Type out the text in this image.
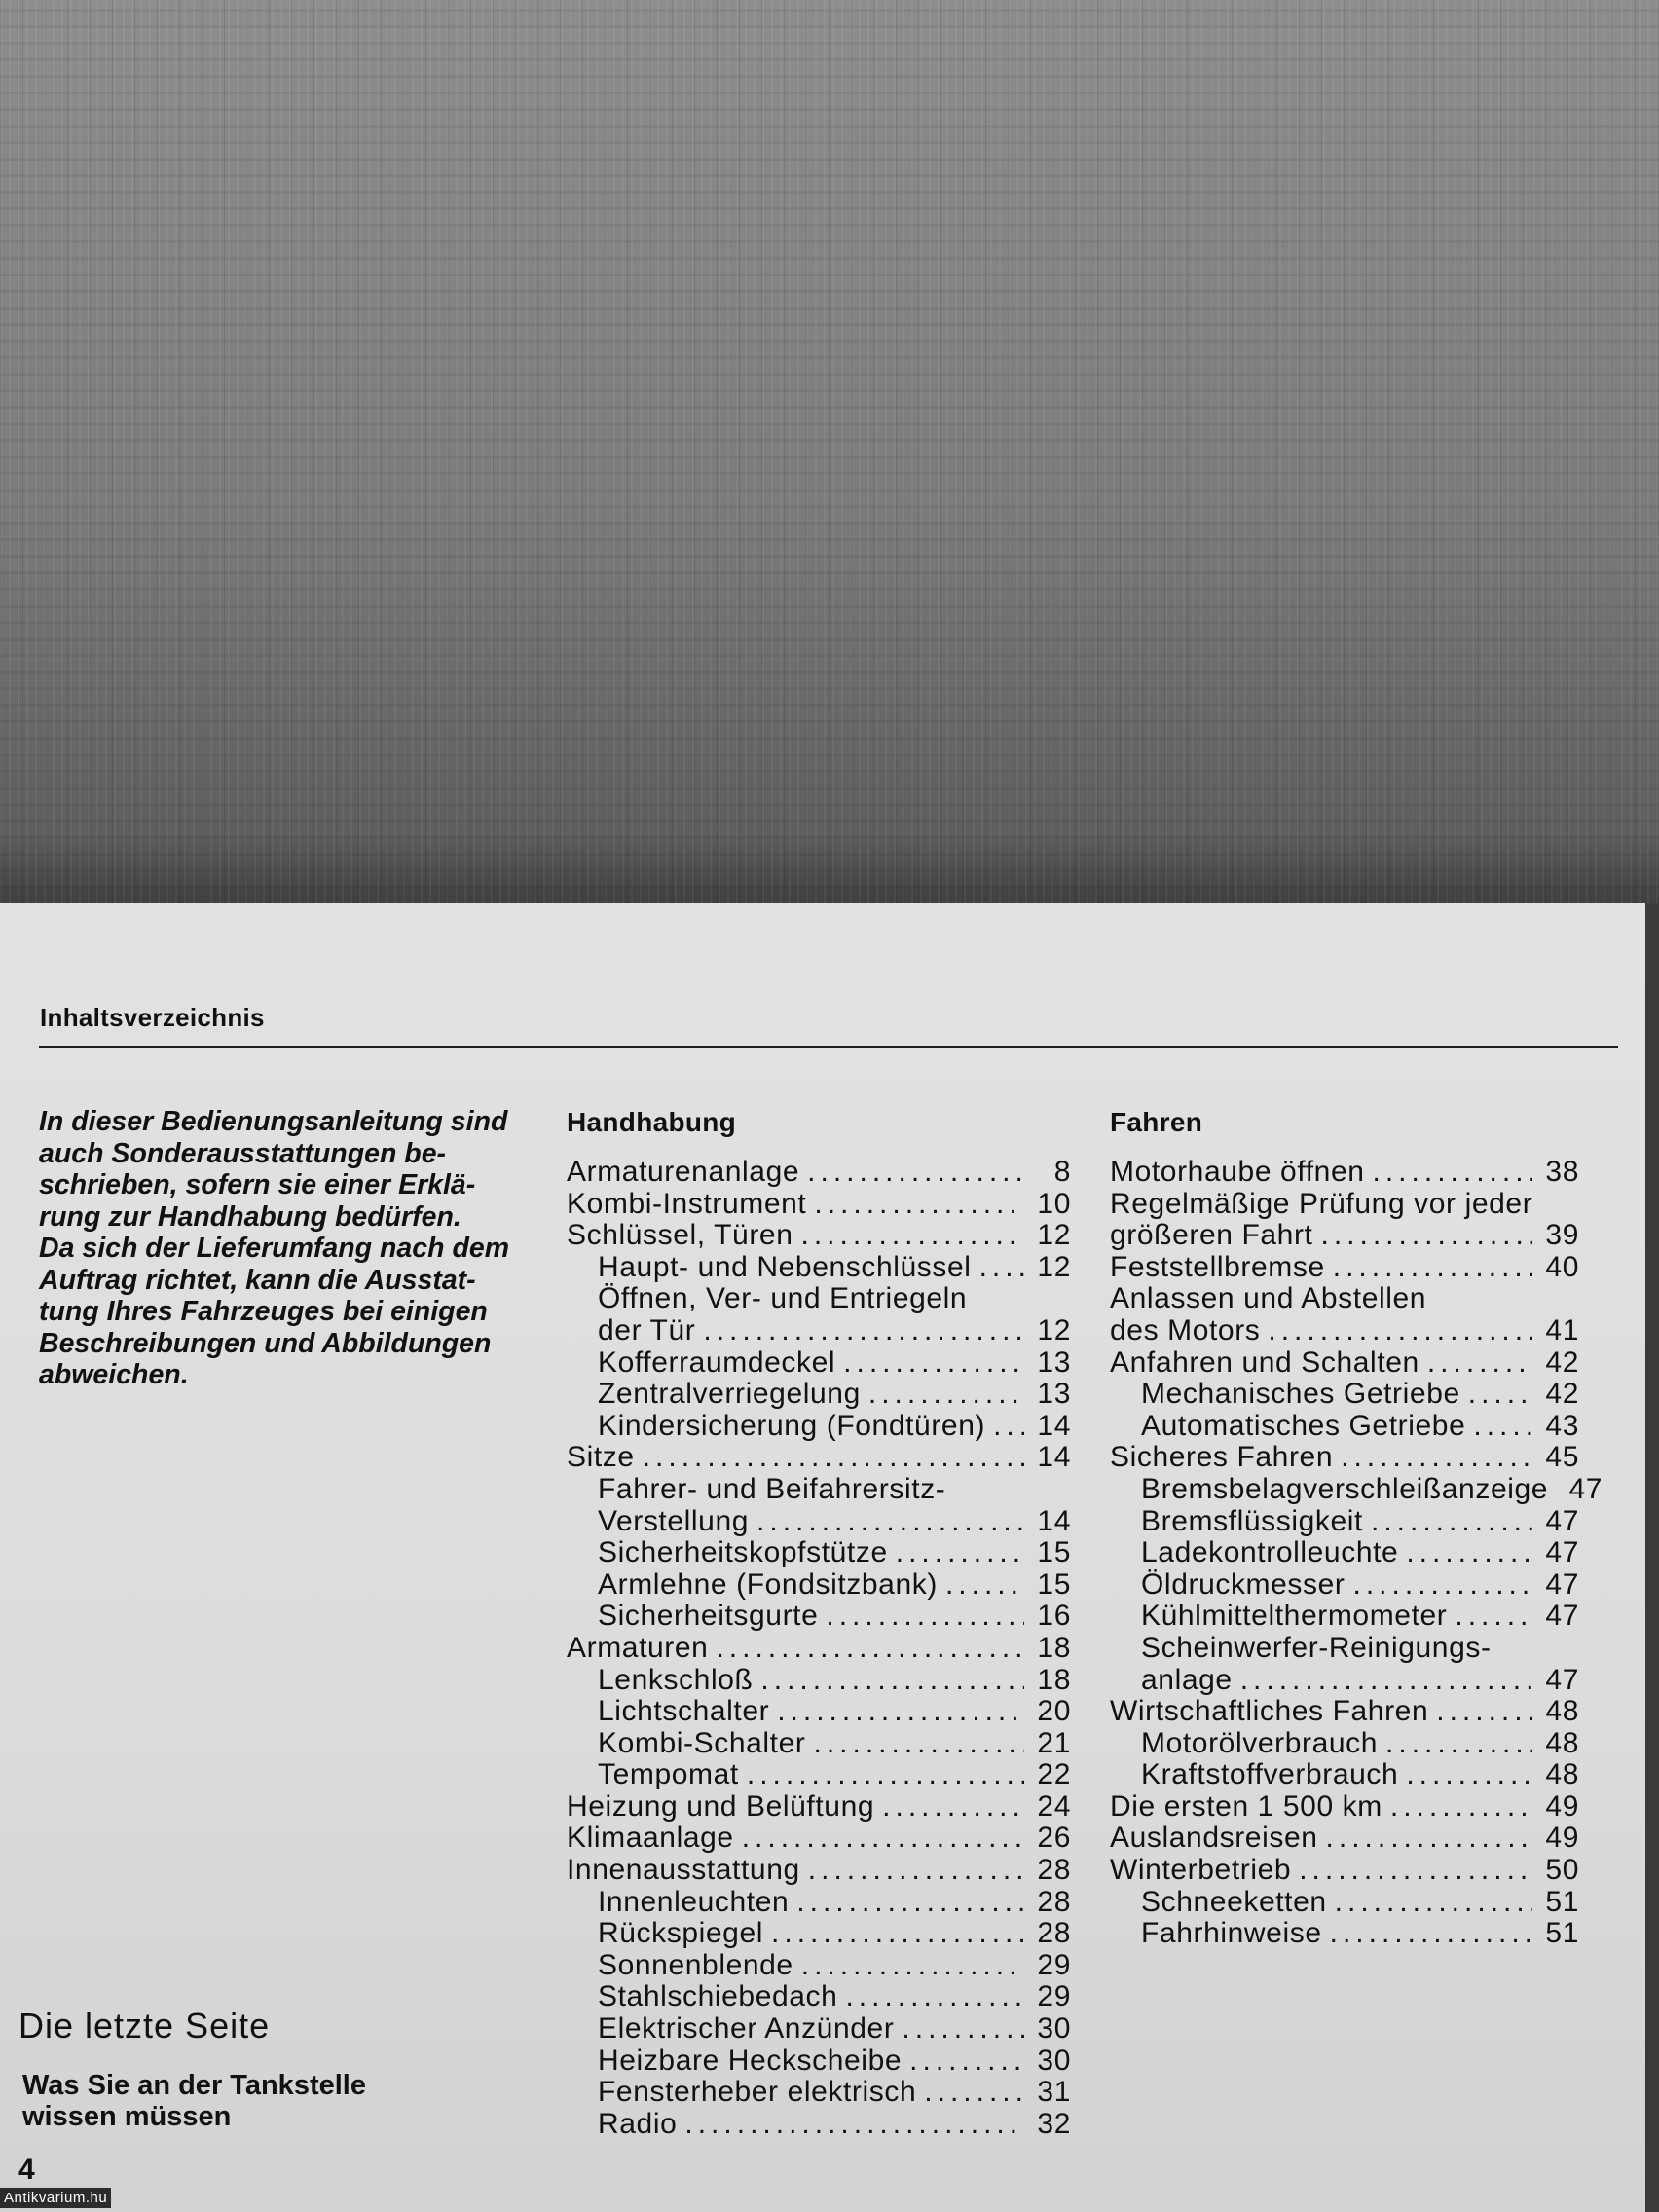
Inhaltsverzeichnis
In dieser Bedienungsanleitung sind
auch Sonderausstattungen be-
schrieben, sofern sie einer Erklä-
rung zur Handhabung bedürfen.
Da sich der Lieferumfang nach dem
Auftrag richtet, kann die Ausstat-
tung Ihres Fahrzeuges bei einigen
Beschreibungen und Abbildungen
abweichen.
Handhabung
Armaturenanlage .....	8
Kombi-Instrument .....	10
Schlüssel, Türen .....	12
Haupt- und Nebenschlüssel .....	12
Öffnen, Ver- und Entriegeln
der Tür .....	12
Kofferraumdeckel .....	13
Zentralverriegelung .....	13
Kindersicherung (Fondtüren) .....	14
Sitze .....	14
Fahrer- und Beifahrersitz-
Verstellung .....	14
Sicherheitskopfstütze .....	15
Armlehne (Fondsitzbank) .....	15
Sicherheitsgurte .....	16
Armaturen .....	18
Lenkschloß .....	18
Lichtschalter .....	20
Kombi-Schalter .....	21
Tempomat .....	22
Heizung und Belüftung .....	24
Klimaanlage .....	26
Innenausstattung .....	28
Innenleuchten .....	28
Rückspiegel .....	28
Sonnenblende .....	29
Stahlschiebedach .....	29
Elektrischer Anzünder .....	30
Heizbare Heckscheibe .....	30
Fensterheber elektrisch .....	31
Radio .....	32
Fahren
Motorhaube öffnen .....	38
Regelmäßige Prüfung vor jeder
größeren Fahrt .....	39
Feststellbremse .....	40
Anlassen und Abstellen
des Motors .....	41
Anfahren und Schalten .....	42
Mechanisches Getriebe .....	42
Automatisches Getriebe .....	43
Sicheres Fahren .....	45
Bremsbelagverschleißanzeige 47
Bremsflüssigkeit .....	47
Ladekontrolleuchte .....	47
Öldruckmesser .....	47
Kühlmittelthermometer .....	47
Scheinwerfer-Reinigungs-
anlage .....	47
Wirtschaftliches Fahren .....	48
Motorölverbrauch .....	48
Kraftstoffverbrauch .....	48
Die ersten 1 500 km .....	49
Auslandsreisen .....	49
Winterbetrieb .....	50
Schneeketten .....	51
Fahrhinweise .....	51
Die letzte Seite
Was Sie an der Tankstelle
wissen müssen
4
Antikvarium.hu
